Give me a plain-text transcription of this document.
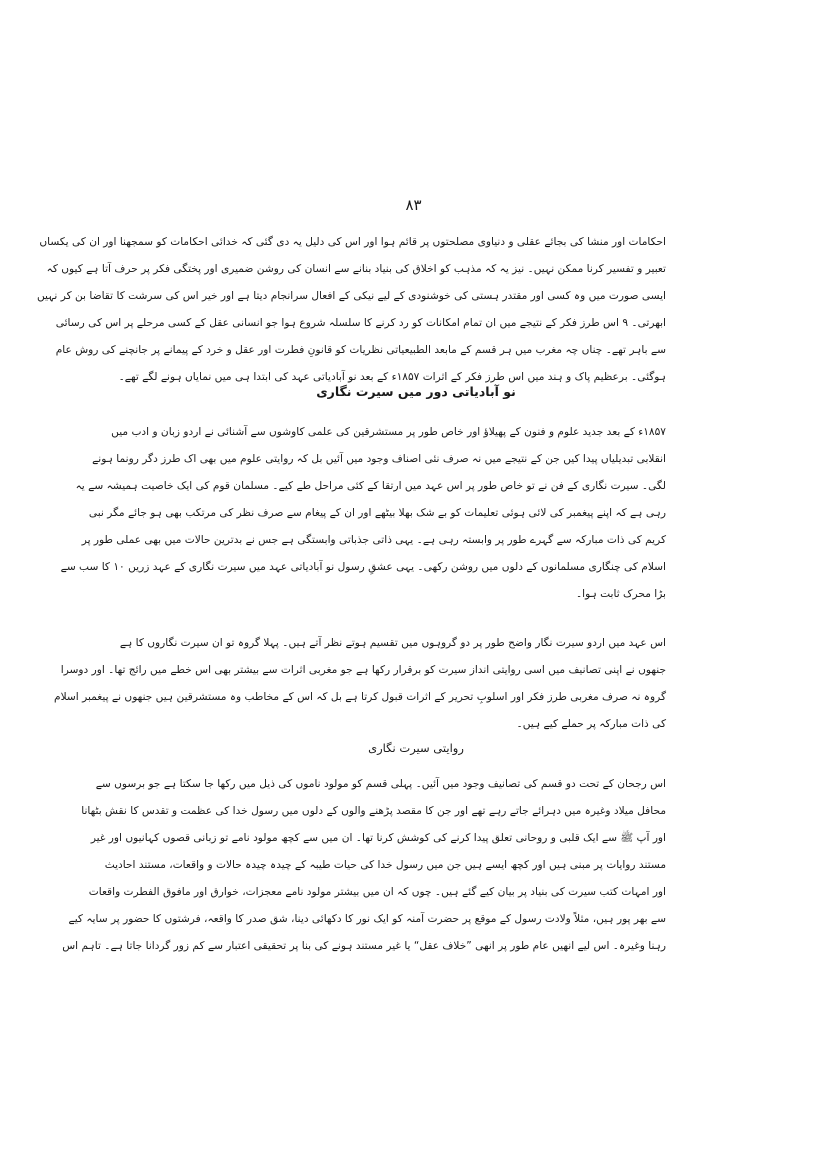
۸۳
احکامات اور منشا کی بجائے عقلی و دنیاوی مصلحتوں پر قائم ہوا اور اس کی دلیل یہ دی گئی کہ خدائی احکامات کو سمجھنا اور ان کی یکساں
تعبیر و تفسیر کرنا ممکن نہیں۔ نیز یہ کہ مذہب کو اخلاق کی بنیاد بنانے سے انسان کی روشن ضمیری اور پختگی فکر پر حرف آتا ہے کیوں کہ
ایسی صورت میں وہ کسی اور مقتدر ہستی کی خوشنودی کے لیے نیکی کے افعال سرانجام دیتا ہے اور خیر اس کی سرشت کا تقاضا بن کر نہیں
ابھرتی۔ ۹ اس طرز فکر کے نتیجے میں ان تمام امکانات کو رد کرنے کا سلسلہ شروع ہوا جو انسانی عقل کے کسی مرحلے پر اس کی رسائی
سے باہر تھے۔ چناں چہ مغرب میں ہر قسم کے مابعد الطبیعیاتی نظریات کو قانونِ فطرت اور عقل و خرد کے پیمانے پر جانچنے کی روش عام
ہوگئی۔ برعظیم پاک و ہند میں اس طرز فکر کے اثرات ۱۸۵۷ء کے بعد نو آبادیاتی عہد کی ابتدا ہی میں نمایاں ہونے لگے تھے۔
نو آبادیاتی دور میں سیرت نگاری
۱۸۵۷ء کے بعد جدید علوم و فنون کے پھیلاؤ اور خاص طور پر مستشرقین کی علمی کاوشوں سے آشنائی نے اردو زبان و ادب میں
انقلابی تبدیلیاں پیدا کیں جن کے نتیجے میں نہ صرف نئی اصناف وجود میں آئیں بل کہ روایتی علوم میں بھی اک طرز دگر رونما ہونے
لگی۔ سیرت نگاری کے فن نے تو خاص طور پر اس عہد میں ارتقا کے کئی مراحل طے کیے۔ مسلمان قوم کی ایک خاصیت ہمیشہ سے یہ
رہی ہے کہ اپنے پیغمبر کی لائی ہوئی تعلیمات کو بے شک بھلا بیٹھے اور ان کے پیغام سے صرف نظر کی مرتکب بھی ہو جائے مگر نبی
کریم کی ذات مبارکہ سے گہرے طور پر وابستہ رہی ہے۔ یہی ذاتی جذباتی وابستگی ہے جس نے بدترین حالات میں بھی عملی طور پر
اسلام کی چنگاری مسلمانوں کے دلوں میں روشن رکھی۔ یہی عشقِ رسول نو آبادیاتی عہد میں سیرت نگاری کے عہد زریں ۱۰ کا سب سے
بڑا محرک ثابت ہوا۔
اس عہد میں اردو سیرت نگار واضح طور پر دو گروہوں میں تقسیم ہوتے نظر آتے ہیں۔ پہلا گروہ تو ان سیرت نگاروں کا ہے
جنھوں نے اپنی تصانیف میں اسی روایتی انداز سیرت کو برقرار رکھا ہے جو مغربی اثرات سے بیشتر بھی اس خطے میں رائج تھا۔ اور دوسرا
گروہ نہ صرف مغربی طرز فکر اور اسلوبِ تحریر کے اثرات قبول کرتا ہے بل کہ اس کے مخاطب وہ مستشرقین ہیں جنھوں نے پیغمبر اسلام
کی ذات مبارکہ پر حملے کیے ہیں۔
روایتی سیرت نگاری
اس رجحان کے تحت دو قسم کی تصانیف وجود میں آئیں۔ پہلی قسم کو مولود ناموں کی ذیل میں رکھا جا سکتا ہے جو برسوں سے
محافل میلاد وغیرہ میں دہرائے جاتے رہے تھے اور جن کا مقصد پڑھنے والوں کے دلوں میں رسول خدا کی عظمت و تقدس کا نقش بٹھانا
اور آپ ﷺ سے ایک قلبی و روحانی تعلق پیدا کرنے کی کوشش کرنا تھا۔ ان میں سے کچھ مولود نامے تو زبانی قصوں کہانیوں اور غیر
مستند روایات پر مبنی ہیں اور کچھ ایسے ہیں جن میں رسول خدا کی حیات طیبہ کے چیدہ چیدہ حالات و واقعات، مستند احادیث
اور امہات کتب سیرت کی بنیاد پر بیان کیے گئے ہیں۔ چوں کہ ان میں بیشتر مولود نامے معجزات، خوارق اور مافوق الفطرت واقعات
سے بھر پور ہیں، مثلاً ولادت رسول کے موقع پر حضرت آمنہ کو ایک نور کا دکھائی دینا، شق صدر کا واقعہ، فرشتوں کا حضور پر سایہ کیے
رہنا وغیرہ۔ اس لیے انھیں عام طور پر انھی ”خلاف عقل“ یا غیر مستند ہونے کی بنا پر تحقیقی اعتبار سے کم زور گردانا جاتا ہے۔ تاہم اس
